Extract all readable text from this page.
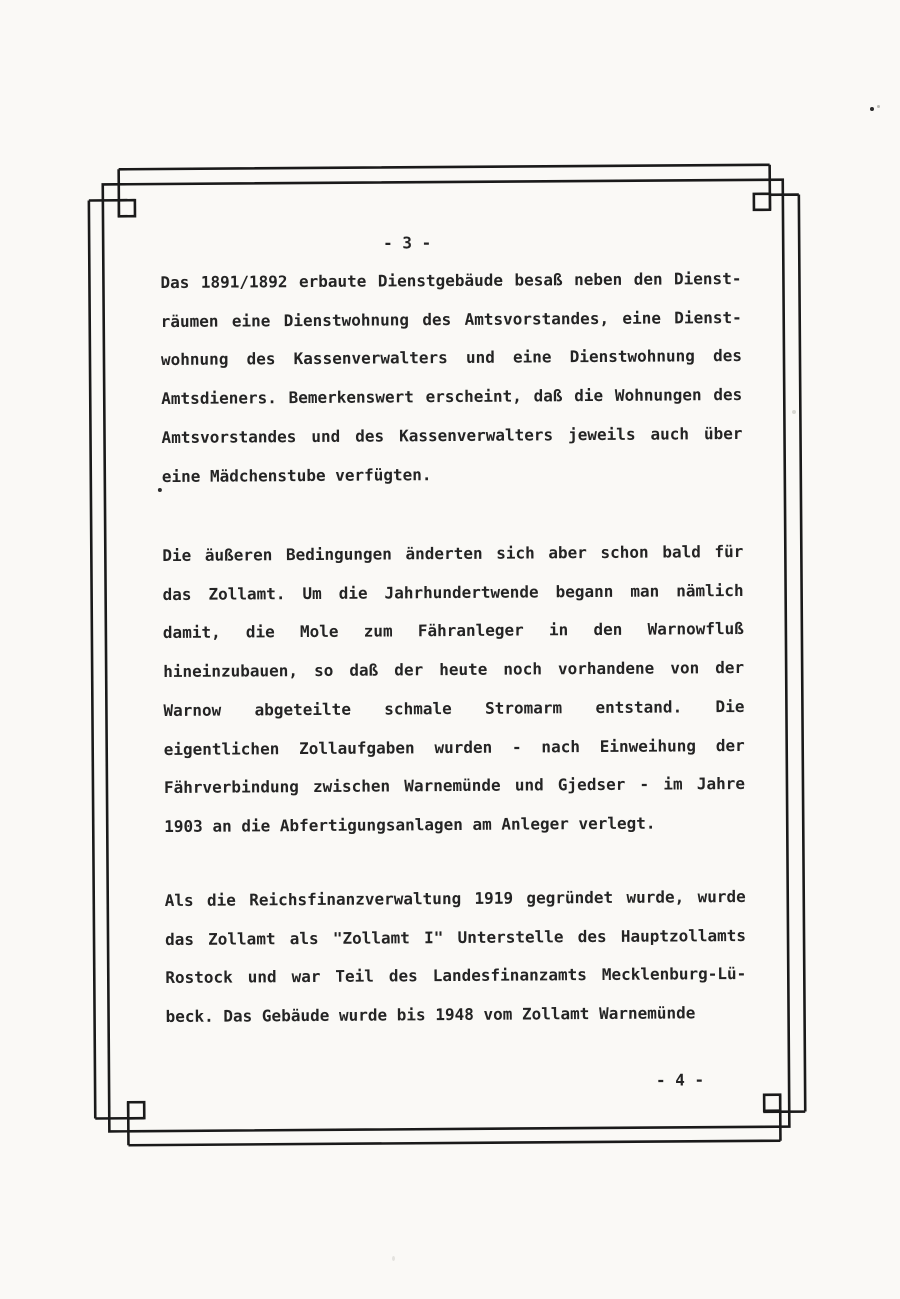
- 3 -
Das 1891/1892 erbaute Dienstgebäude besaß neben den Dienst-
räumen eine Dienstwohnung des Amtsvorstandes, eine Dienst-
wohnung des Kassenverwalters und eine Dienstwohnung des
Amtsdieners. Bemerkenswert erscheint, daß die Wohnungen des
Amtsvorstandes und des Kassenverwalters jeweils auch über
eine Mädchenstube verfügten.
Die äußeren Bedingungen änderten sich aber schon bald für
das Zollamt. Um die Jahrhundertwende begann man nämlich
damit, die Mole zum Fähranleger in den Warnowfluß
hineinzubauen, so daß der heute noch vorhandene von der
Warnow abgeteilte schmale Stromarm entstand. Die
eigentlichen Zollaufgaben wurden - nach Einweihung der
Fährverbindung zwischen Warnemünde und Gjedser - im Jahre
1903 an die Abfertigungsanlagen am Anleger verlegt.
Als die Reichsfinanzverwaltung 1919 gegründet wurde, wurde
das Zollamt als "Zollamt I" Unterstelle des Hauptzollamts
Rostock und war Teil des Landesfinanzamts Mecklenburg-Lü-
beck. Das Gebäude wurde bis 1948 vom Zollamt Warnemünde
- 4 -
